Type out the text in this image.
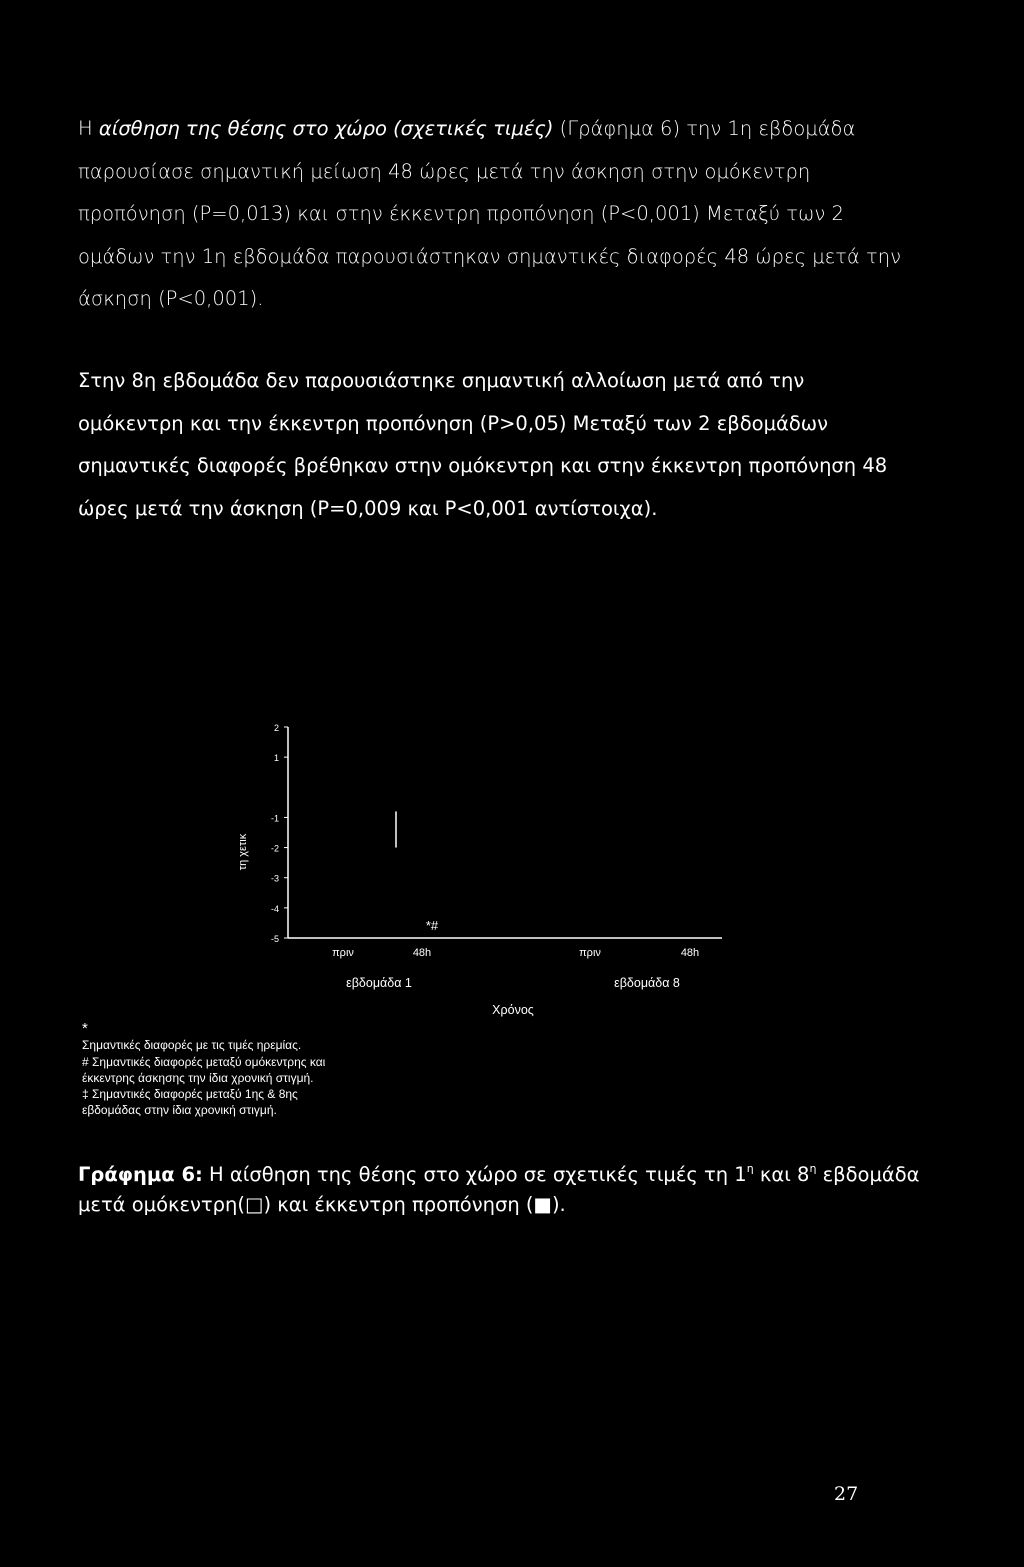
Η αίσθηση της θέσης στο χώρο (σχετικές τιμές) (Γράφημα 6) την 1η εβδομάδα
παρουσίασε σημαντική μείωση 48 ώρες μετά την άσκηση στην ομόκεντρη
προπόνηση (P=0,013) και στην έκκεντρη προπόνηση (P<0,001) Μεταξύ των 2
ομάδων την 1η εβδομάδα παρουσιάστηκαν σημαντικές διαφορές 48 ώρες μετά την
άσκηση (P<0,001).

Στην 8η εβδομάδα δεν παρουσιάστηκε σημαντική αλλοίωση μετά από την
ομόκεντρη και την έκκεντρη προπόνηση (P>0,05) Μεταξύ των 2 εβδομάδων
σημαντικές διαφορές βρέθηκαν στην ομόκεντρη και στην έκκεντρη προπόνηση 48
ώρες μετά την άσκηση (P=0,009 και P<0,001 αντίστοιχα).

2
1
-1
-2
-3
-4
-5
πριν	48h	πριν	48h
εβδομάδα 1	εβδομάδα 8
Χρόνος
τη χετικ
*#
*
Σημαντικές διαφορές με τις τιμές ηρεμίας.
# Σημαντικές διαφορές μεταξύ ομόκεντρης και
έκκεντρης άσκησης την ίδια χρονική στιγμή.
‡ Σημαντικές διαφορές μεταξύ 1ης & 8ης
εβδομάδας στην ίδια χρονική στιγμή.
Γράφημα 6: Η αίσθηση της θέσης στο χώρο σε σχετικές τιμές τη $1^\eta$ και $8^\eta$ εβδομάδα
μετά ομόκεντρη(□) και έκκεντρη προπόνηση (■).
27
